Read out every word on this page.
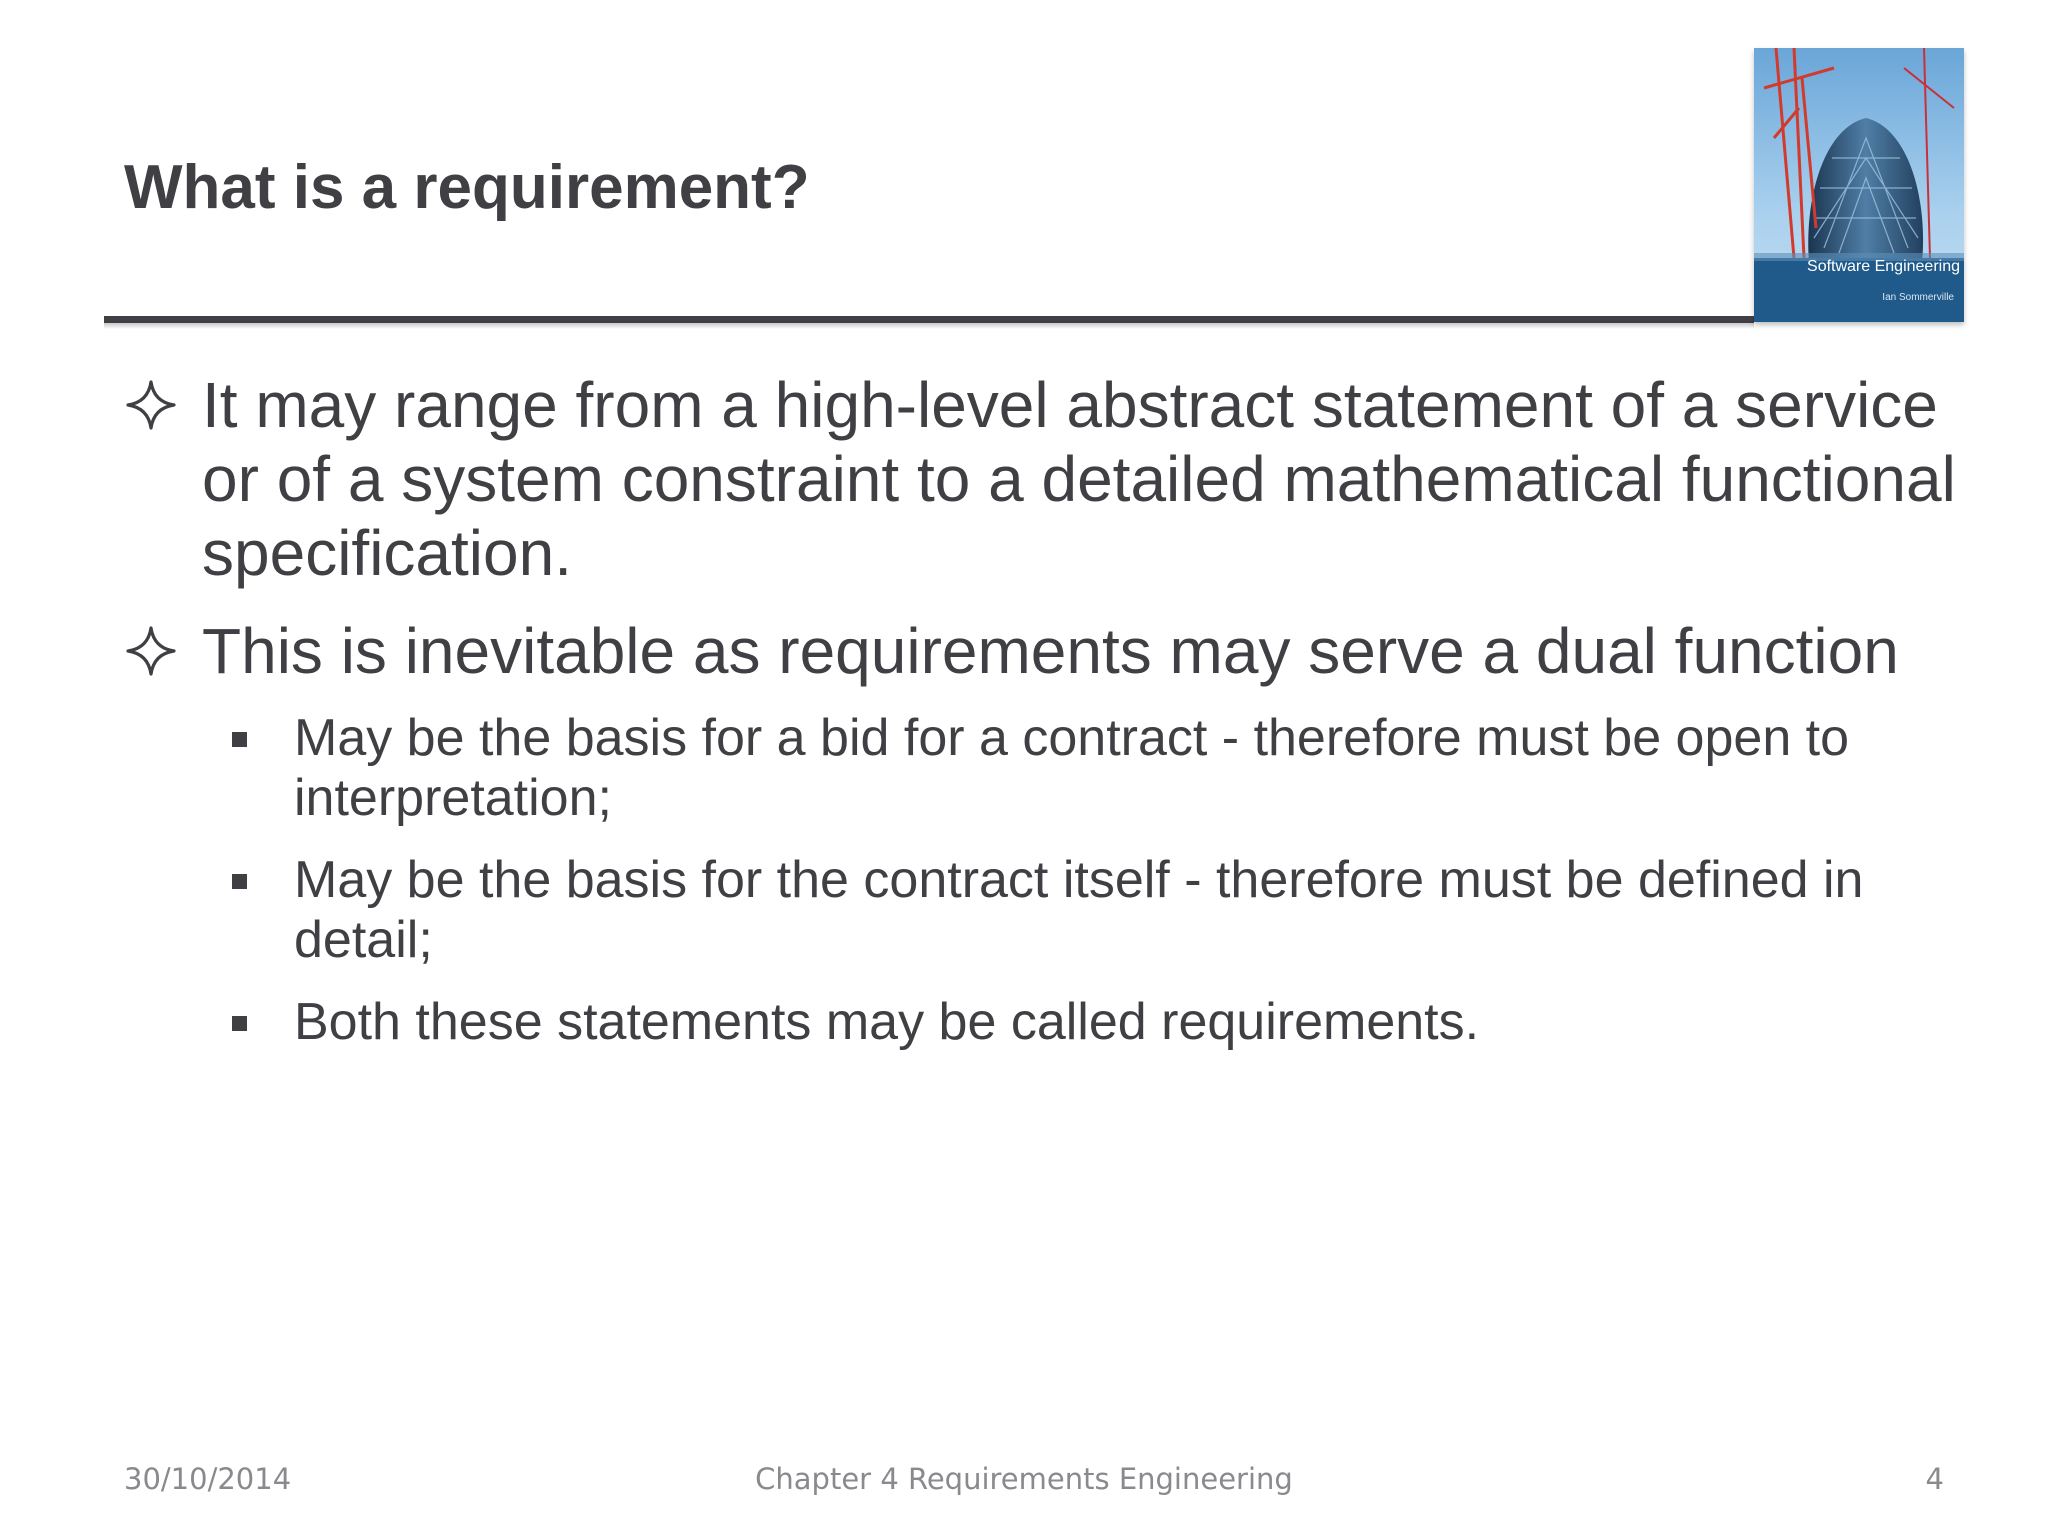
What is a requirement?
Software Engineering
Ian Sommerville
It may range from a high-level abstract statement of a service or of a system constraint to a detailed mathematical functional specification.
This is inevitable as requirements may serve a dual function
May be the basis for a bid for a contract - therefore must be open to interpretation;
May be the basis for the contract itself - therefore must be defined in detail;
Both these statements may be called requirements.
30/10/2014	Chapter 4 Requirements Engineering	4
